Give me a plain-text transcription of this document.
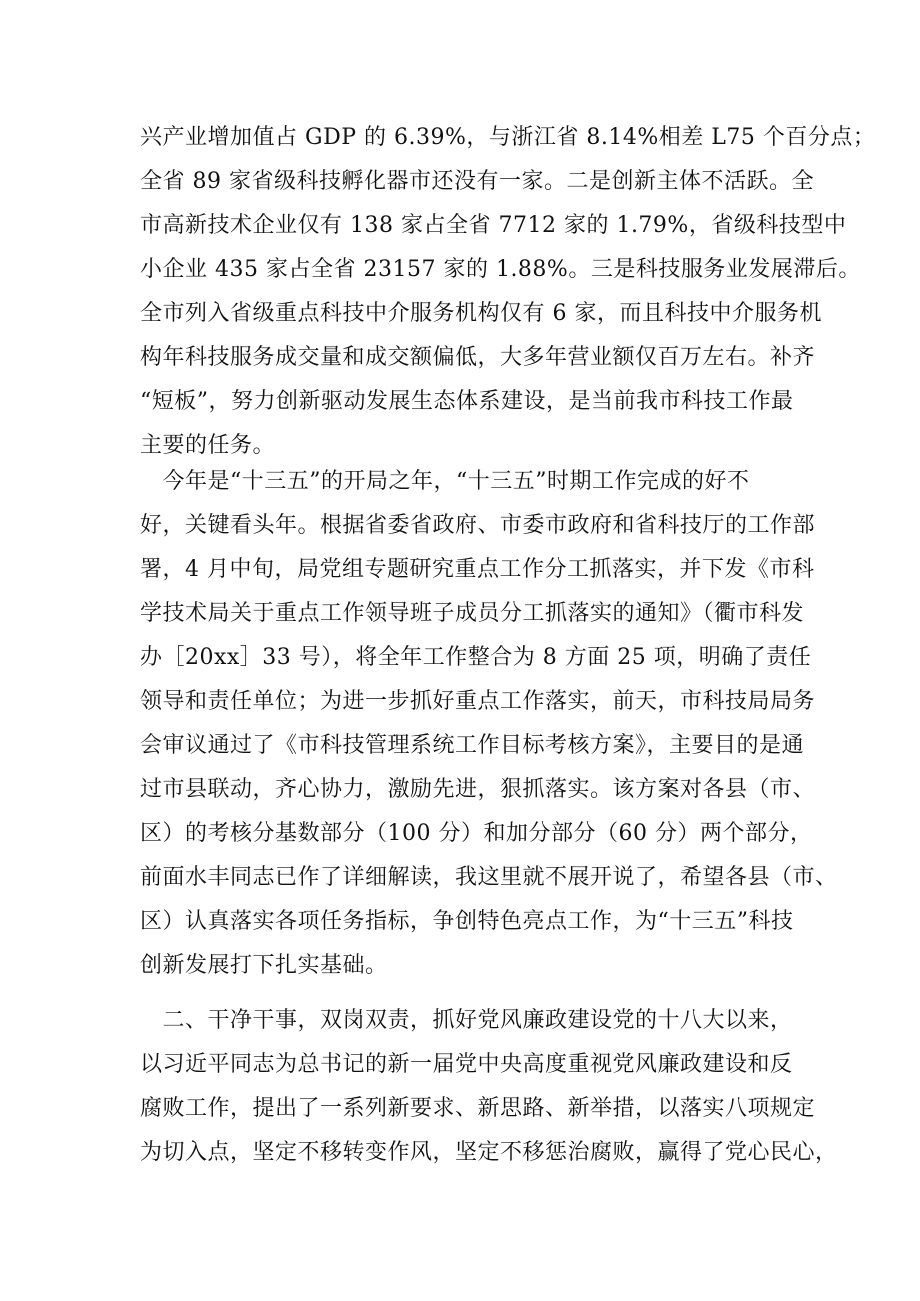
兴产业增加值占 GDP 的 6.39%，与浙江省 8.14%相差 L75 个百分点；
全省 89 家省级科技孵化器市还没有一家。二是创新主体不活跃。全
市高新技术企业仅有 138 家占全省 7712 家的 1.79%，省级科技型中
小企业 435 家占全省 23157 家的 1.88%。三是科技服务业发展滞后。
全市列入省级重点科技中介服务机构仅有 6 家，而且科技中介服务机
构年科技服务成交量和成交额偏低，大多年营业额仅百万左右。补齐
“短板”，努力创新驱动发展生态体系建设，是当前我市科技工作最
主要的任务。
　今年是“十三五”的开局之年，“十三五”时期工作完成的好不
好，关键看头年。根据省委省政府、市委市政府和省科技厅的工作部
署，4 月中旬，局党组专题研究重点工作分工抓落实，并下发《市科
学技术局关于重点工作领导班子成员分工抓落实的通知》（衢市科发
办［20xx］33 号），将全年工作整合为 8 方面 25 项，明确了责任
领导和责任单位；为进一步抓好重点工作落实，前天，市科技局局务
会审议通过了《市科技管理系统工作目标考核方案》，主要目的是通
过市县联动，齐心协力，激励先进，狠抓落实。该方案对各县（市、
区）的考核分基数部分（100 分）和加分部分（60 分）两个部分，
前面水丰同志已作了详细解读，我这里就不展开说了，希望各县（市、
区）认真落实各项任务指标，争创特色亮点工作，为“十三五”科技
创新发展打下扎实基础。
　二、干净干事，双岗双责，抓好党风廉政建设党的十八大以来，
以习近平同志为总书记的新一届党中央高度重视党风廉政建设和反
腐败工作，提出了一系列新要求、新思路、新举措，以落实八项规定
为切入点，坚定不移转变作风，坚定不移惩治腐败，赢得了党心民心，
